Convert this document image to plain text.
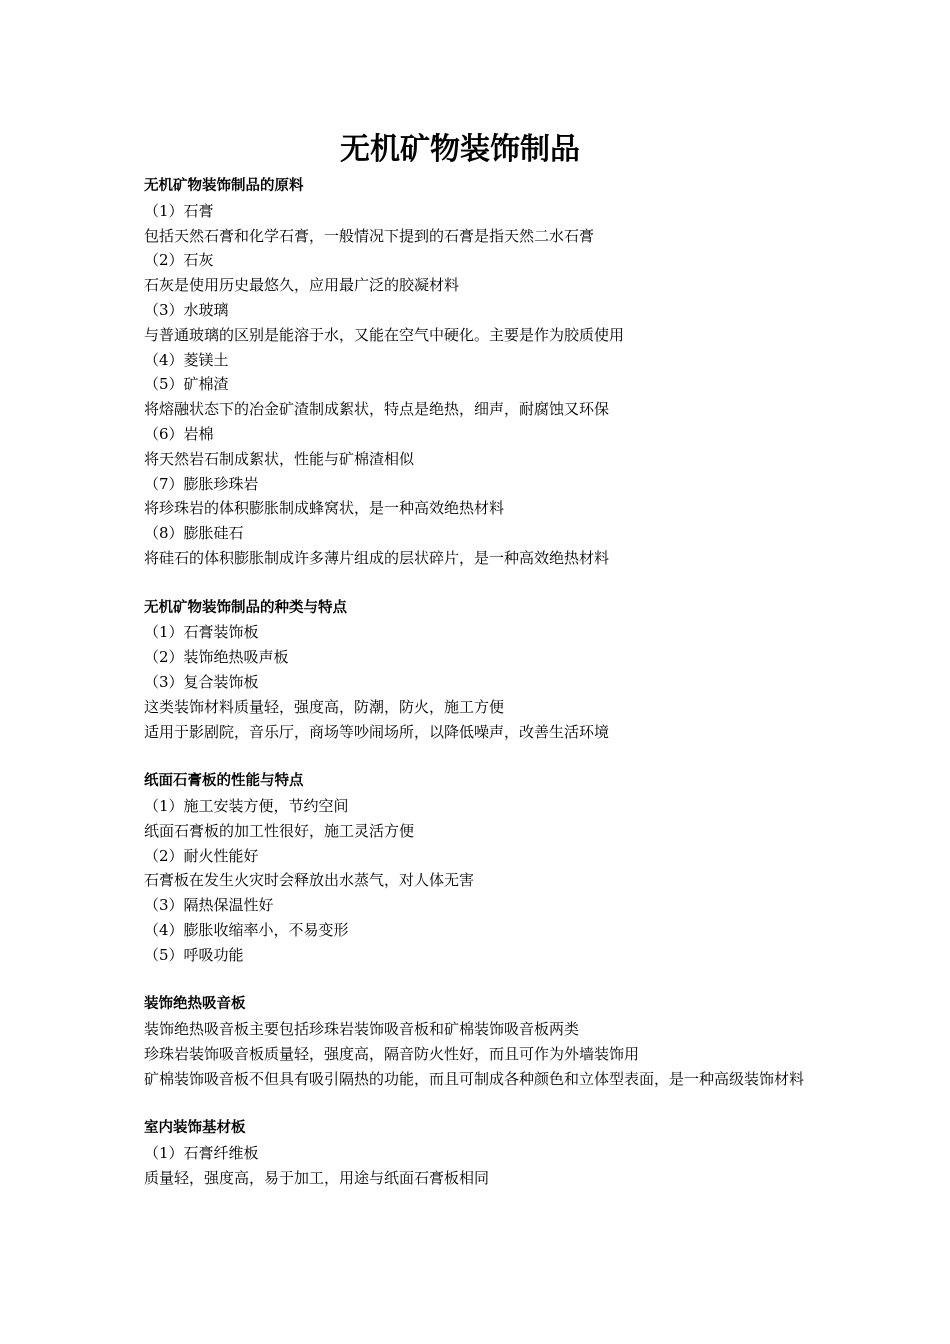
无机矿物装饰制品
无机矿物装饰制品的原料
（1）石膏
包括天然石膏和化学石膏，一般情况下提到的石膏是指天然二水石膏
（2）石灰
石灰是使用历史最悠久，应用最广泛的胶凝材料
（3）水玻璃
与普通玻璃的区别是能溶于水，又能在空气中硬化。主要是作为胶质使用
（4）菱镁土
（5）矿棉渣
将熔融状态下的冶金矿渣制成絮状，特点是绝热，细声，耐腐蚀又环保
（6）岩棉
将天然岩石制成絮状，性能与矿棉渣相似
（7）膨胀珍珠岩
将珍珠岩的体积膨胀制成蜂窝状，是一种高效绝热材料
（8）膨胀硅石
将硅石的体积膨胀制成许多薄片组成的层状碎片，是一种高效绝热材料
无机矿物装饰制品的种类与特点
（1）石膏装饰板
（2）装饰绝热吸声板
（3）复合装饰板
这类装饰材料质量轻，强度高，防潮，防火，施工方便
适用于影剧院，音乐厅，商场等吵闹场所，以降低噪声，改善生活环境
纸面石膏板的性能与特点
（1）施工安装方便，节约空间
纸面石膏板的加工性很好，施工灵活方便
（2）耐火性能好
石膏板在发生火灾时会释放出水蒸气，对人体无害
（3）隔热保温性好
（4）膨胀收缩率小，不易变形
（5）呼吸功能
装饰绝热吸音板
装饰绝热吸音板主要包括珍珠岩装饰吸音板和矿棉装饰吸音板两类
珍珠岩装饰吸音板质量轻，强度高，隔音防火性好，而且可作为外墙装饰用
矿棉装饰吸音板不但具有吸引隔热的功能，而且可制成各种颜色和立体型表面，是一种高级装饰材料
室内装饰基材板
（1）石膏纤维板
质量轻，强度高，易于加工，用途与纸面石膏板相同
